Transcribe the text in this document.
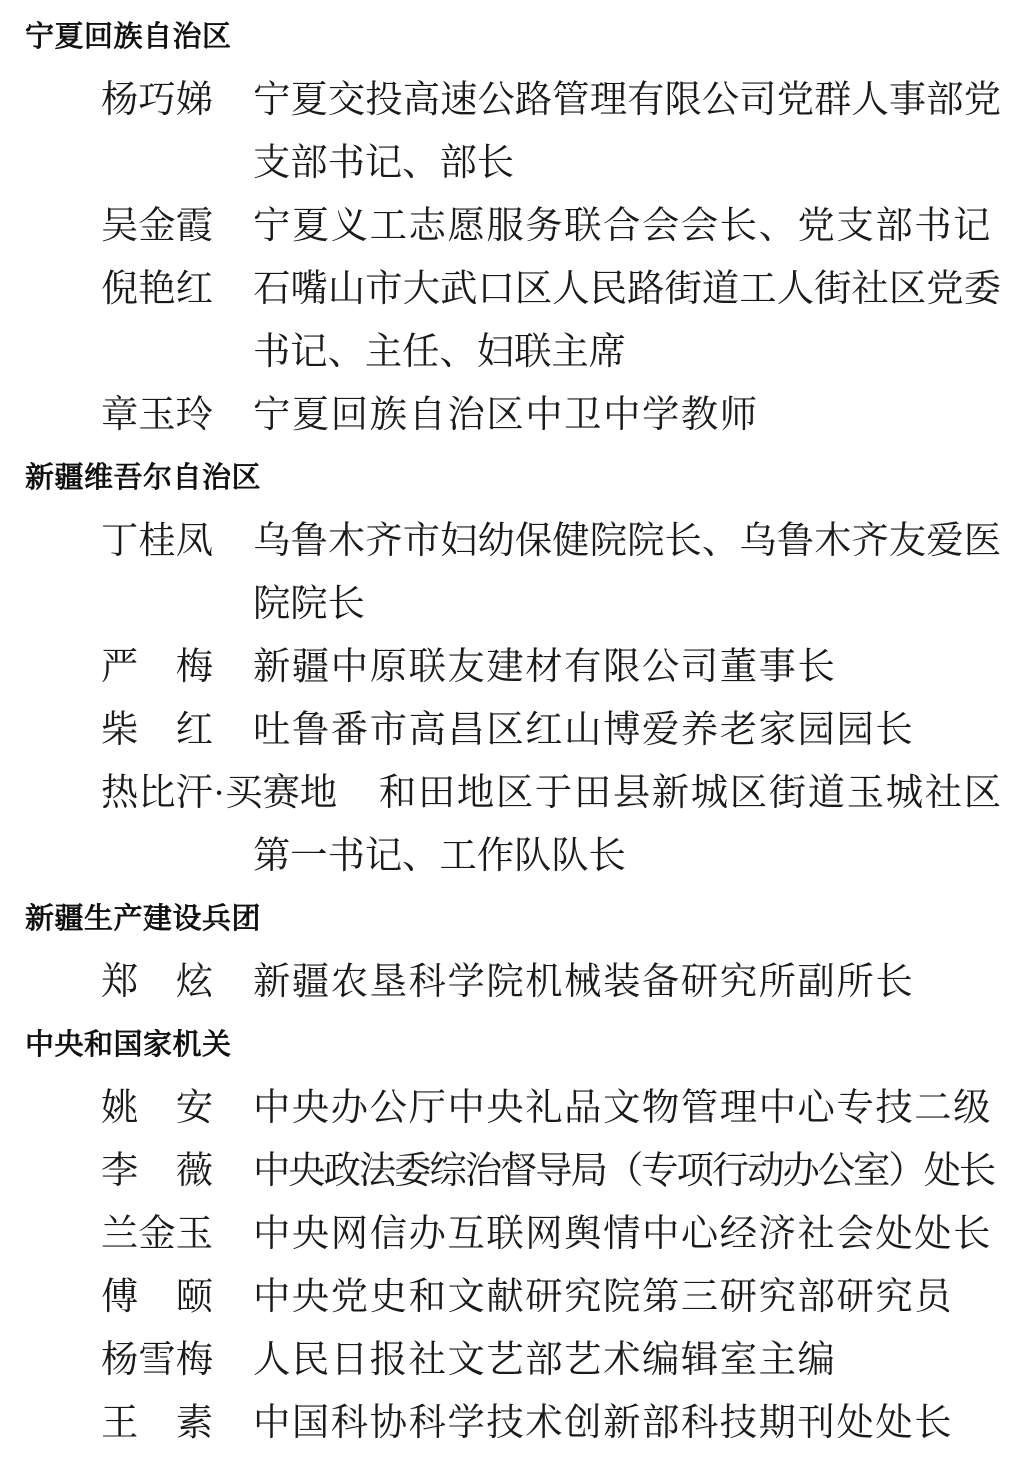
宁夏回族自治区

杨巧娣 宁夏交投高速公路管理有限公司党群人事部党支部书记、部长

吴金霞 宁夏义工志愿服务联合会会长、党支部书记

倪艳红 石嘴山市大武口区人民路街道工人街社区党委书记、主任、妇联主席

章玉玲 宁夏回族自治区中卫中学教师

新疆维吾尔自治区

丁桂凤 乌鲁木齐市妇幼保健院院长、乌鲁木齐友爱医院院长

严梅 新疆中原联友建材有限公司董事长

柴红 吐鲁番市高昌区红山博爱养老家园园长

热比汗·买赛地 和田地区于田县新城区街道玉城社区第一书记、工作队队长

新疆生产建设兵团

郑炫 新疆农垦科学院机械装备研究所副所长

中央和国家机关

姚安 中央办公厅中央礼品文物管理中心专技二级

李薇 中央政法委综治督导局（专项行动办公室）处长

兰金玉 中央网信办互联网舆情中心经济社会处处长

傅颐 中央党史和文献研究院第三研究部研究员

杨雪梅 人民日报社文艺部艺术编辑室主编

王素 中国科协科学技术创新部科技期刊处处长
